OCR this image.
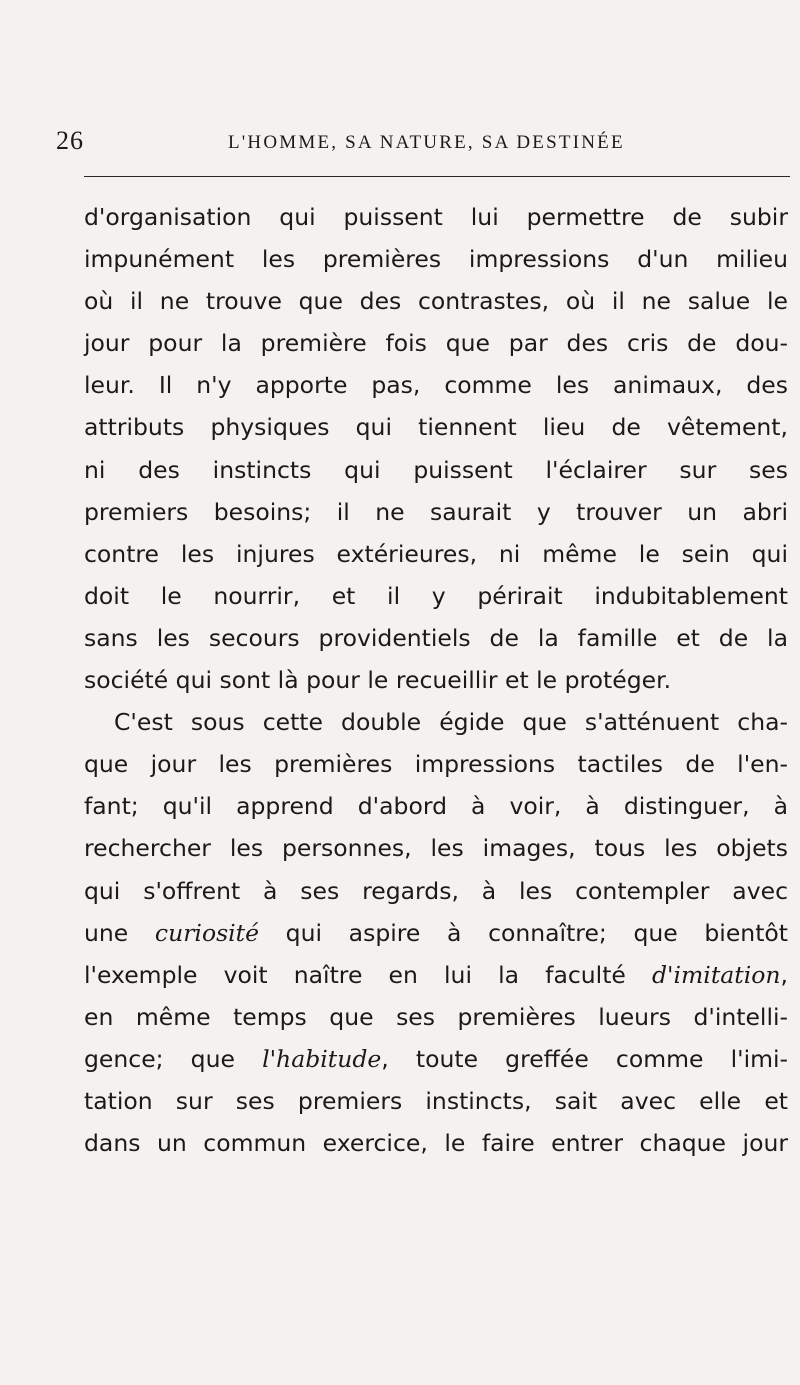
26	L'HOMME, SA NATURE, SA DESTINÉE
d'organisation qui puissent lui permettre de subir
impunément les premières impressions d'un milieu
où il ne trouve que des contrastes, où il ne salue le
jour pour la première fois que par des cris de dou-
leur. Il n'y apporte pas, comme les animaux, des
attributs physiques qui tiennent lieu de vêtement,
ni des instincts qui puissent l'éclairer sur ses
premiers besoins; il ne saurait y trouver un abri
contre les injures extérieures, ni même le sein qui
doit le nourrir, et il y périrait indubitablement
sans les secours providentiels de la famille et de la
société qui sont là pour le recueillir et le protéger.
C'est sous cette double égide que s'atténuent cha-
que jour les premières impressions tactiles de l'en-
fant; qu'il apprend d'abord à voir, à distinguer, à
rechercher les personnes, les images, tous les objets
qui s'offrent à ses regards, à les contempler avec
une curiosité qui aspire à connaître; que bientôt
l'exemple voit naître en lui la faculté d'imitation,
en même temps que ses premières lueurs d'intelli-
gence; que l'habitude, toute greffée comme l'imi-
tation sur ses premiers instincts, sait avec elle et
dans un commun exercice, le faire entrer chaque jour
